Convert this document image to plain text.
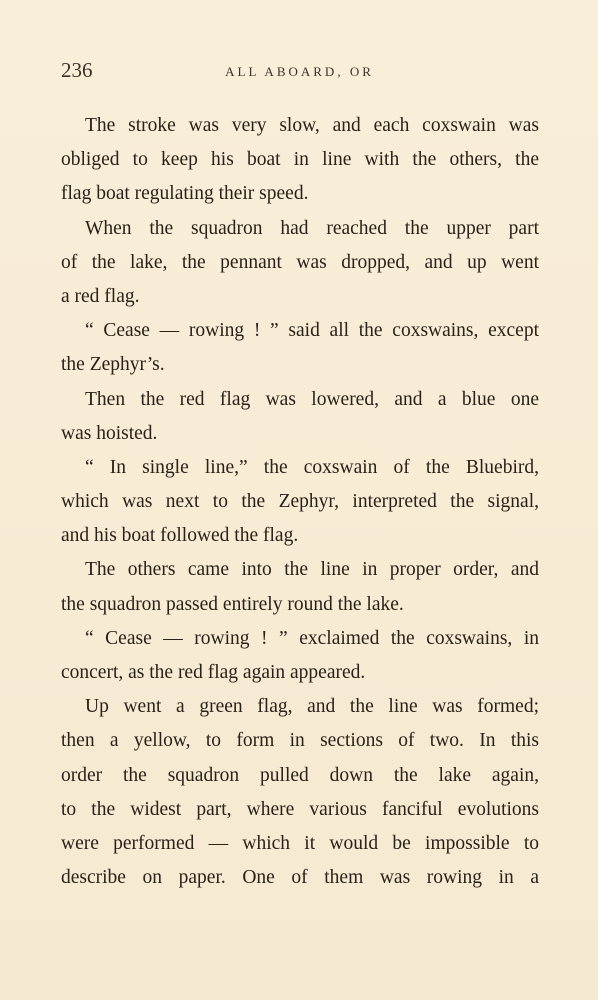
236	ALL ABOARD, OR
The stroke was very slow, and each coxswain was
obliged to keep his boat in line with the others, the
flag boat regulating their speed.
When the squadron had reached the upper part
of the lake, the pennant was dropped, and up went
a red flag.
“ Cease — rowing ! ” said all the coxswains, except
the Zephyr’s.
Then the red flag was lowered, and a blue one
was hoisted.
“ In single line,” the coxswain of the Bluebird,
which was next to the Zephyr, interpreted the signal,
and his boat followed the flag.
The others came into the line in proper order, and
the squadron passed entirely round the lake.
“ Cease — rowing ! ” exclaimed the coxswains, in
concert, as the red flag again appeared.
Up went a green flag, and the line was formed;
then a yellow, to form in sections of two. In this
order the squadron pulled down the lake again,
to the widest part, where various fanciful evolutions
were performed — which it would be impossible to
describe on paper. One of them was rowing in a
